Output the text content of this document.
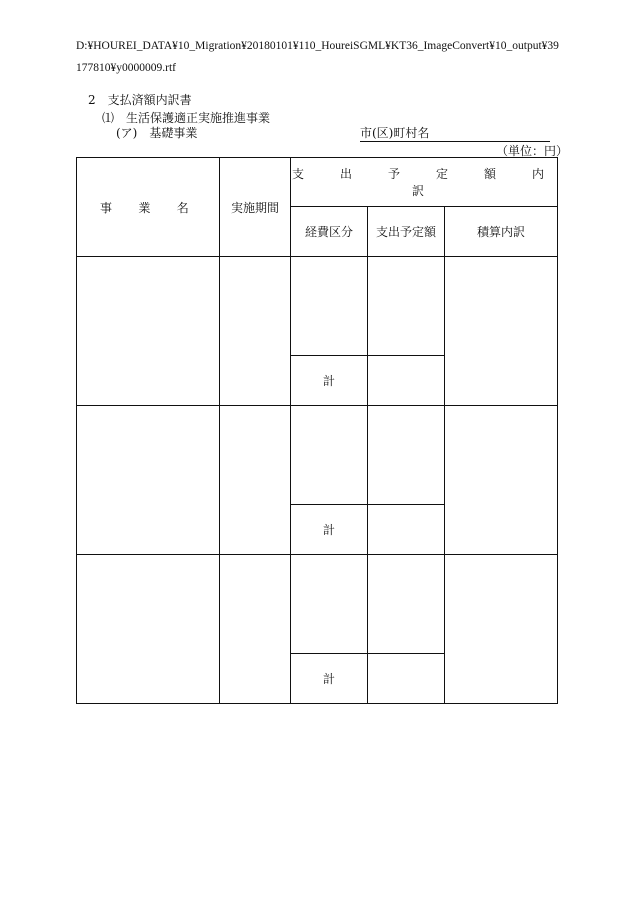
D:¥HOUREI_DATA¥10_Migration¥20180101¥110_HoureiSGML¥KT36_ImageConvert¥10_output¥39
177810¥y0000009.rtf
2　支払済額内訳書
⑴　生活保護適正実施推進事業
(ア)　基礎事業	市(区)町村名
（単位：円）
事　業　名	実施期間	支　出　予　定　額　内　訳		
		経費区分	支出予定額	積算内訳

		計		

		計		

		計		
